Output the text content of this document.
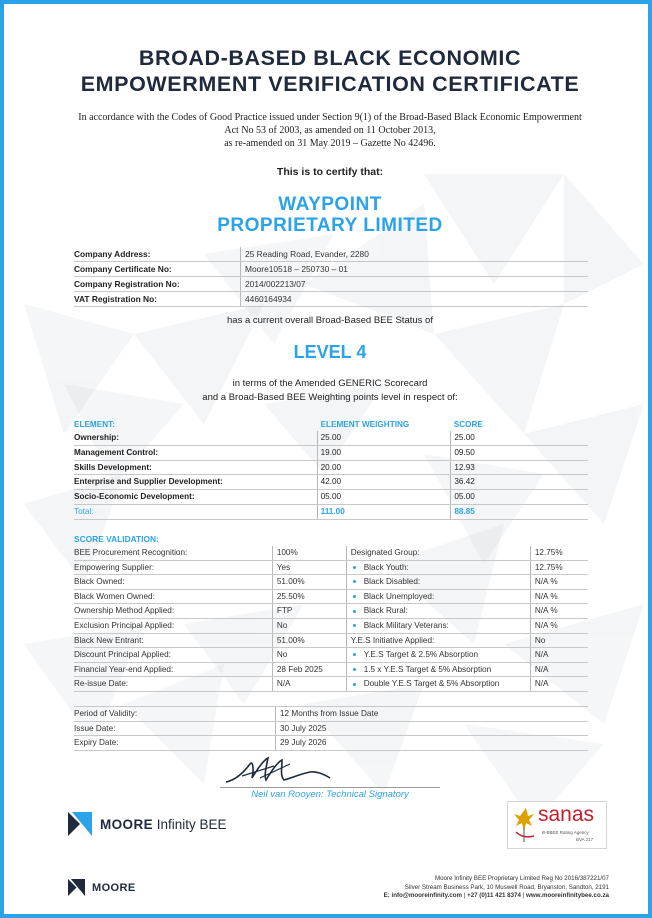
BROAD-BASED BLACK ECONOMIC
EMPOWERMENT VERIFICATION CERTIFICATE
In accordance with the Codes of Good Practice issued under Section 9(1) of the Broad-Based Black Economic Empowerment
Act No 53 of 2003, as amended on 11 October 2013,
as re-amended on 31 May 2019 – Gazette No 42496.
This is to certify that:
WAYPOINT
PROPRIETARY LIMITED
Company Address:	25 Reading Road, Evander, 2280
Company Certificate No:	Moore10518 – 250730 – 01
Company Registration No:	2014/002213/07
VAT Registration No:	4460164934
has a current overall Broad-Based BEE Status of
LEVEL 4
in terms of the Amended GENERIC Scorecard
and a Broad-Based BEE Weighting points level in respect of:
ELEMENT:	ELEMENT WEIGHTING	SCORE
Ownership:	25.00	25.00
Management Control:	19.00	09.50
Skills Development:	20.00	12.93
Enterprise and Supplier Development:	42.00	36.42
Socio-Economic Development:	05.00	05.00
Total:	111.00	88.85
SCORE VALIDATION:
BEE Procurement Recognition:	100%	Designated Group:	12.75%
Empowering Supplier:	Yes	Black Youth:	12.75%
Black Owned:	51.00%	Black Disabled:	N/A %
Black Women Owned:	25.50%	Black Unemployed:	N/A %
Ownership Method Applied:	FTP	Black Rural:	N/A %
Exclusion Principal Applied:	No	Black Military Veterans:	N/A %
Black New Entrant:	51.00%	Y.E.S Initiative Applied:	No
Discount Principal Applied:	No	Y.E.S Target & 2.5% Absorption	N/A
Financial Year-end Applied:	28 Feb 2025	1.5 x Y.E.S Target & 5% Absorption	N/A
Re-issue Date:	N/A	Double Y.E.S Target & 5% Absorption	N/A
Period of Validity:	12 Months from Issue Date
Issue Date:	30 July 2025
Expiry Date:	29 July 2026
Neil van Rooyen: Technical Signatory
MOORE Infinity BEE
MOORE
sanas
B-BBEE Rating Agency
BVA 217
Moore Infinity BEE Proprietary Limited Reg No 2016/387221/07
Silver Stream Business Park, 10 Muswell Road, Bryanston, Sandton, 2191
E: info@mooreinfinity.com | +27 (0)11 421 8374 | www.mooreinfinitybee.co.za
